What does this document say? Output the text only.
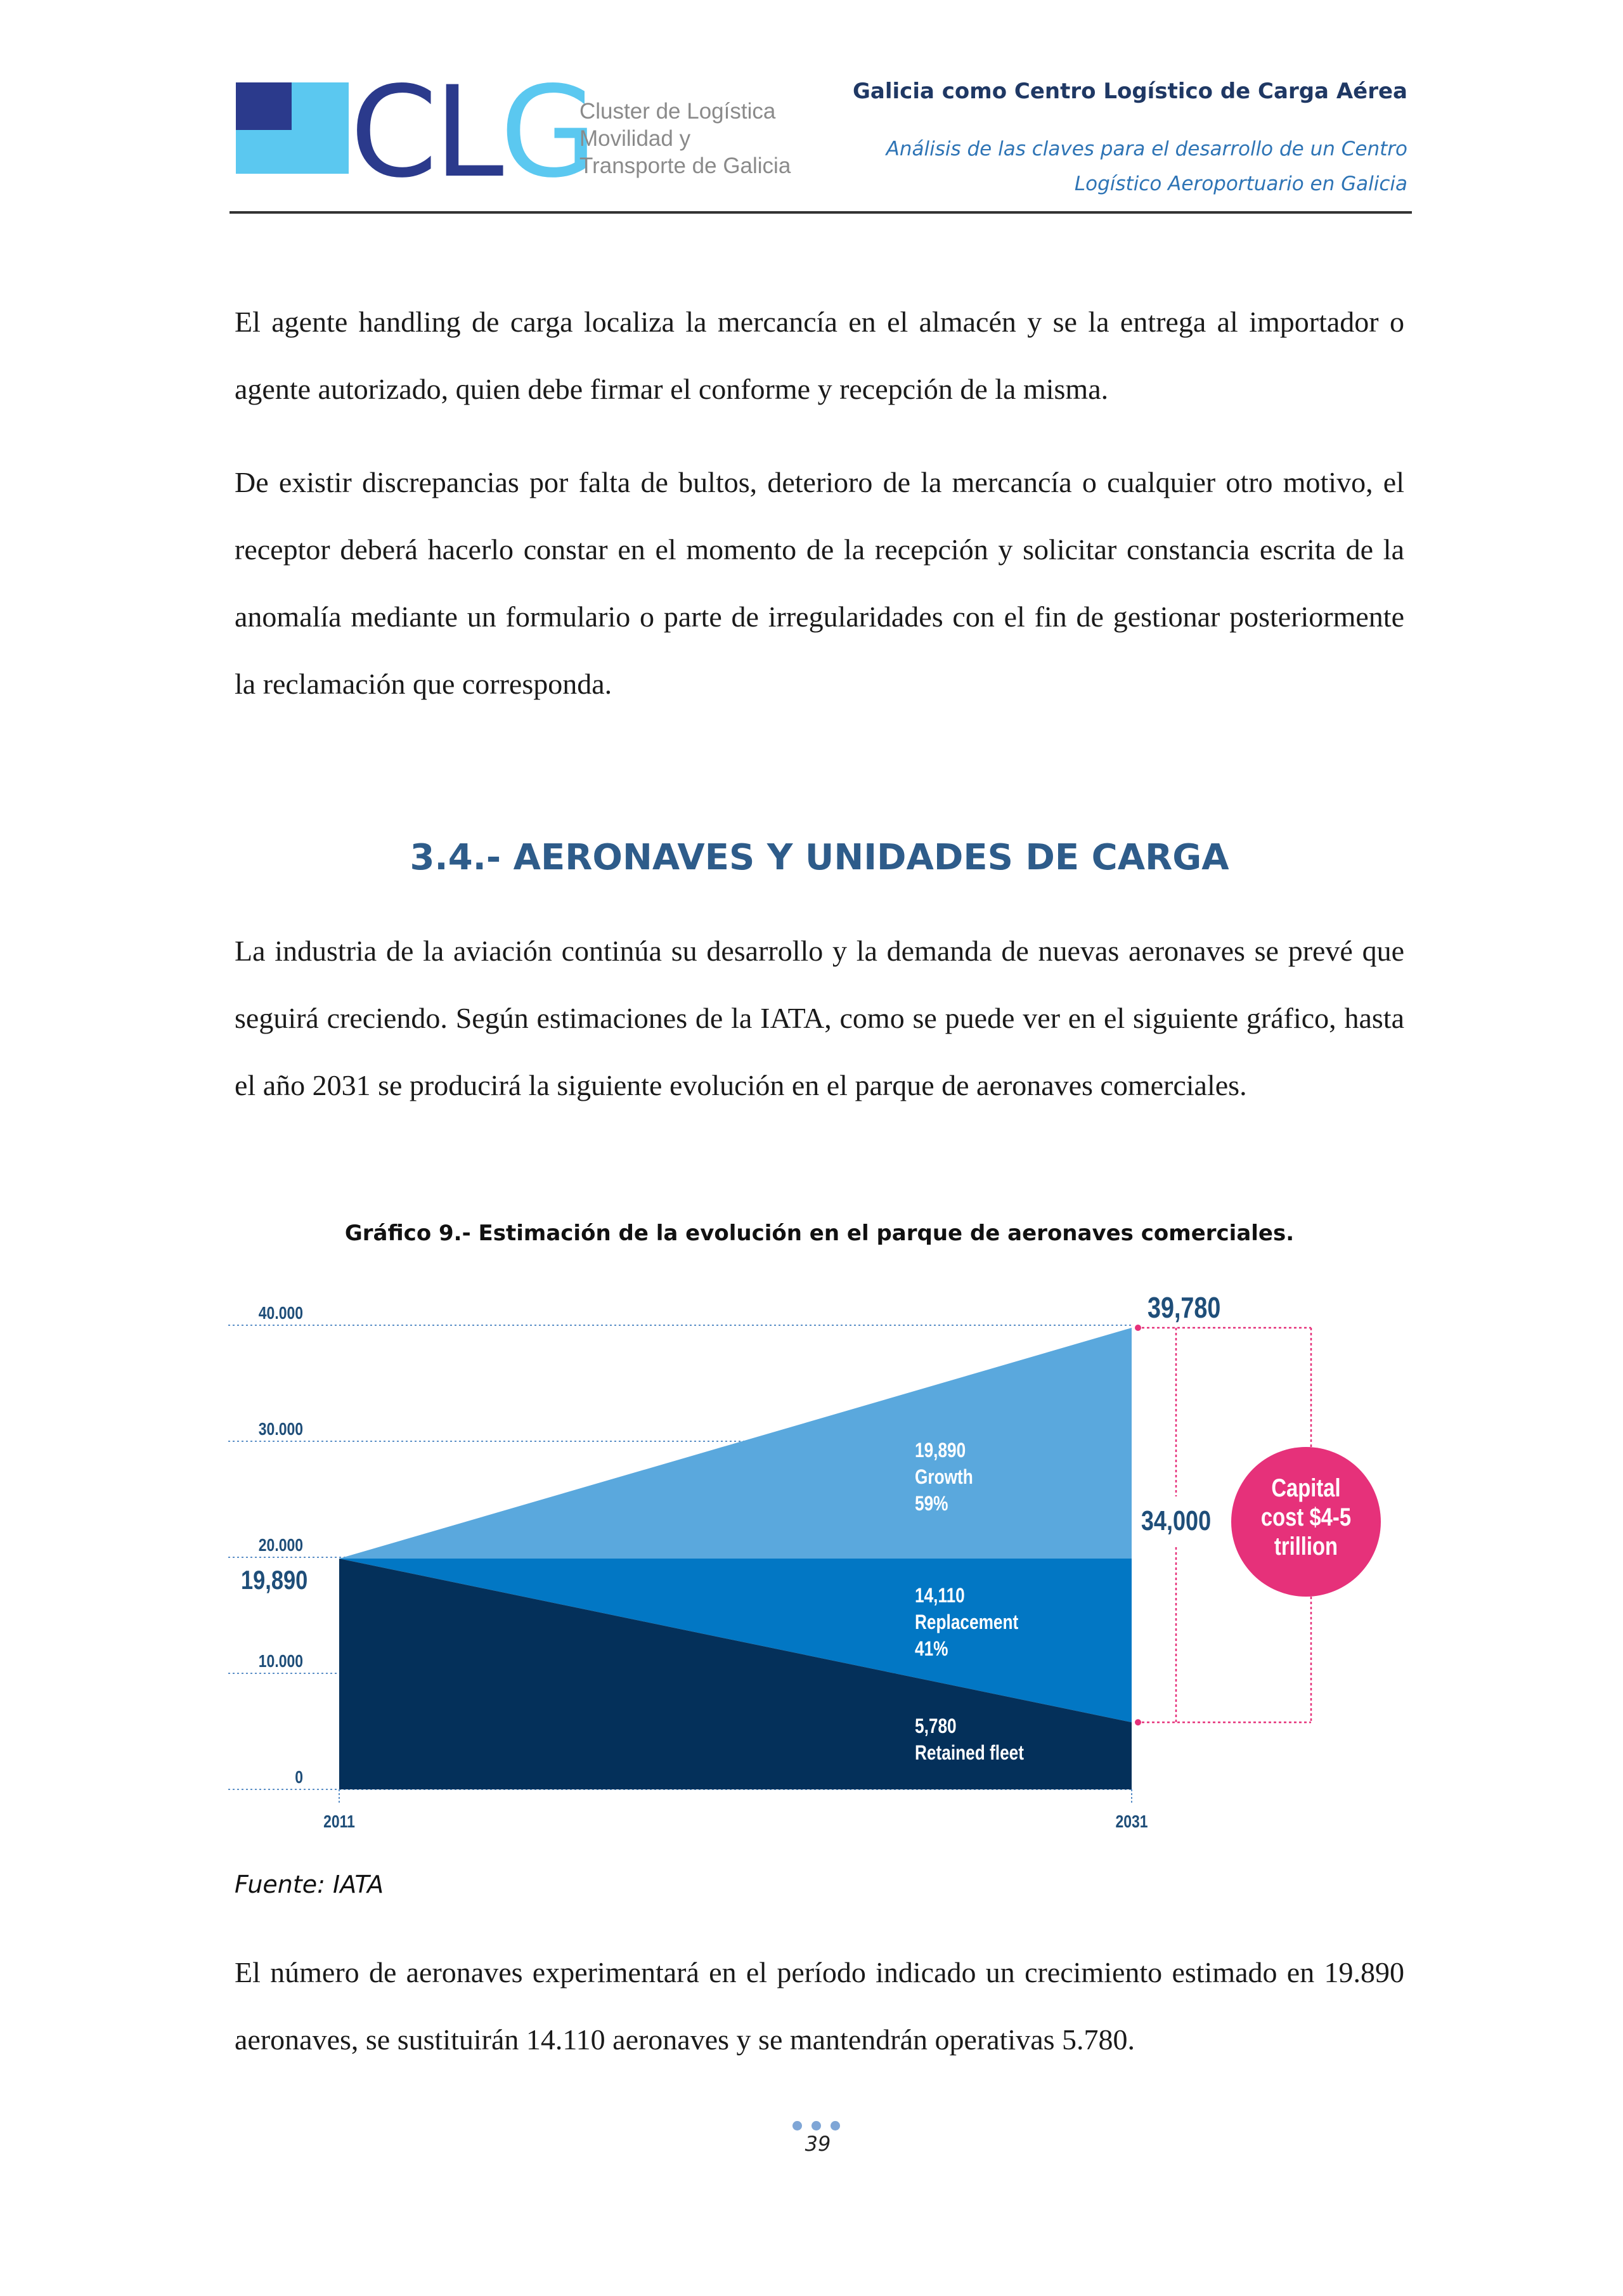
CLG
Cluster de Logística
Movilidad y
Transporte de Galicia
Galicia como Centro Logístico de Carga Aérea
Análisis de las claves para el desarrollo de un Centro
Logístico Aeroportuario en Galicia

El agente handling de carga localiza la mercancía en el almacén y se la entrega al importador o agente autorizado, quien debe firmar el conforme y recepción de la misma.

De existir discrepancias por falta de bultos, deterioro de la mercancía o cualquier otro motivo, el receptor deberá hacerlo constar en el momento de la recepción y solicitar constancia escrita de la anomalía mediante un formulario o parte de irregularidades con el fin de gestionar posteriormente la reclamación que corresponda.

3.4.- AERONAVES Y UNIDADES DE CARGA

La industria de la aviación continúa su desarrollo y la demanda de nuevas aeronaves se prevé que seguirá creciendo. Según estimaciones de la IATA, como se puede ver en el siguiente gráfico, hasta el año 2031 se producirá la siguiente evolución en el parque de aeronaves comerciales.

Gráfico 9.- Estimación de la evolución en el parque de aeronaves comerciales.
0
10.000
20.000
30.000
40.000
2011	2031
19,890
19,890
Growth
59%
14,110
Replacement
41%
5,780
Retained fleet
39,780
34,000
Capital
cost $4-5
trillion
Fuente: IATA

El número de aeronaves experimentará en el período indicado un crecimiento estimado en 19.890 aeronaves, se sustituirán 14.110 aeronaves y se mantendrán operativas 5.780.

39
